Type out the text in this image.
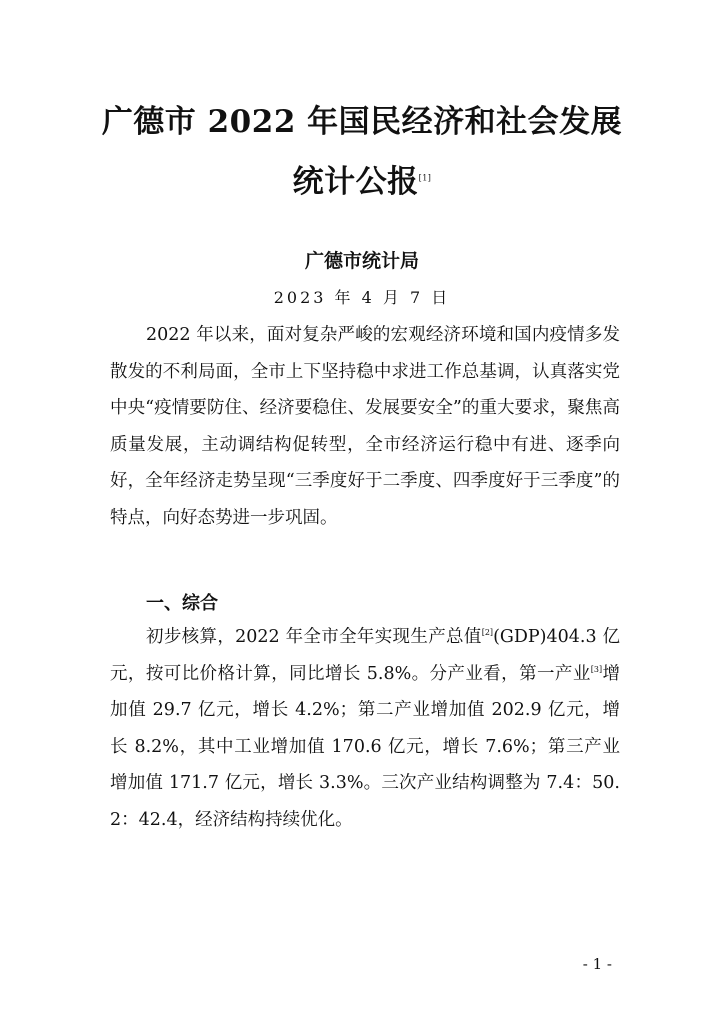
广德市 2022 年国民经济和社会发展
统计公报[1]
广德市统计局
2023 年 4 月 7 日

2022 年以来，面对复杂严峻的宏观经济环境和国内疫情多发散发的不利局面，全市上下坚持稳中求进工作总基调，认真落实党中央“疫情要防住、经济要稳住、发展要安全”的重大要求，聚焦高质量发展，主动调结构促转型，全市经济运行稳中有进、逐季向好，全年经济走势呈现“三季度好于二季度、四季度好于三季度”的特点，向好态势进一步巩固。

一、综合

初步核算，2022 年全市全年实现生产总值[2](GDP)404.3 亿元，按可比价格计算，同比增长 5.8%。分产业看，第一产业[3]增加值 29.7 亿元，增长 4.2%；第二产业增加值 202.9 亿元，增长 8.2%，其中工业增加值 170.6 亿元，增长 7.6%；第三产业增加值 171.7 亿元，增长 3.3%。三次产业结构调整为 7.4：50.2：42.4，经济结构持续优化。

- 1 -
